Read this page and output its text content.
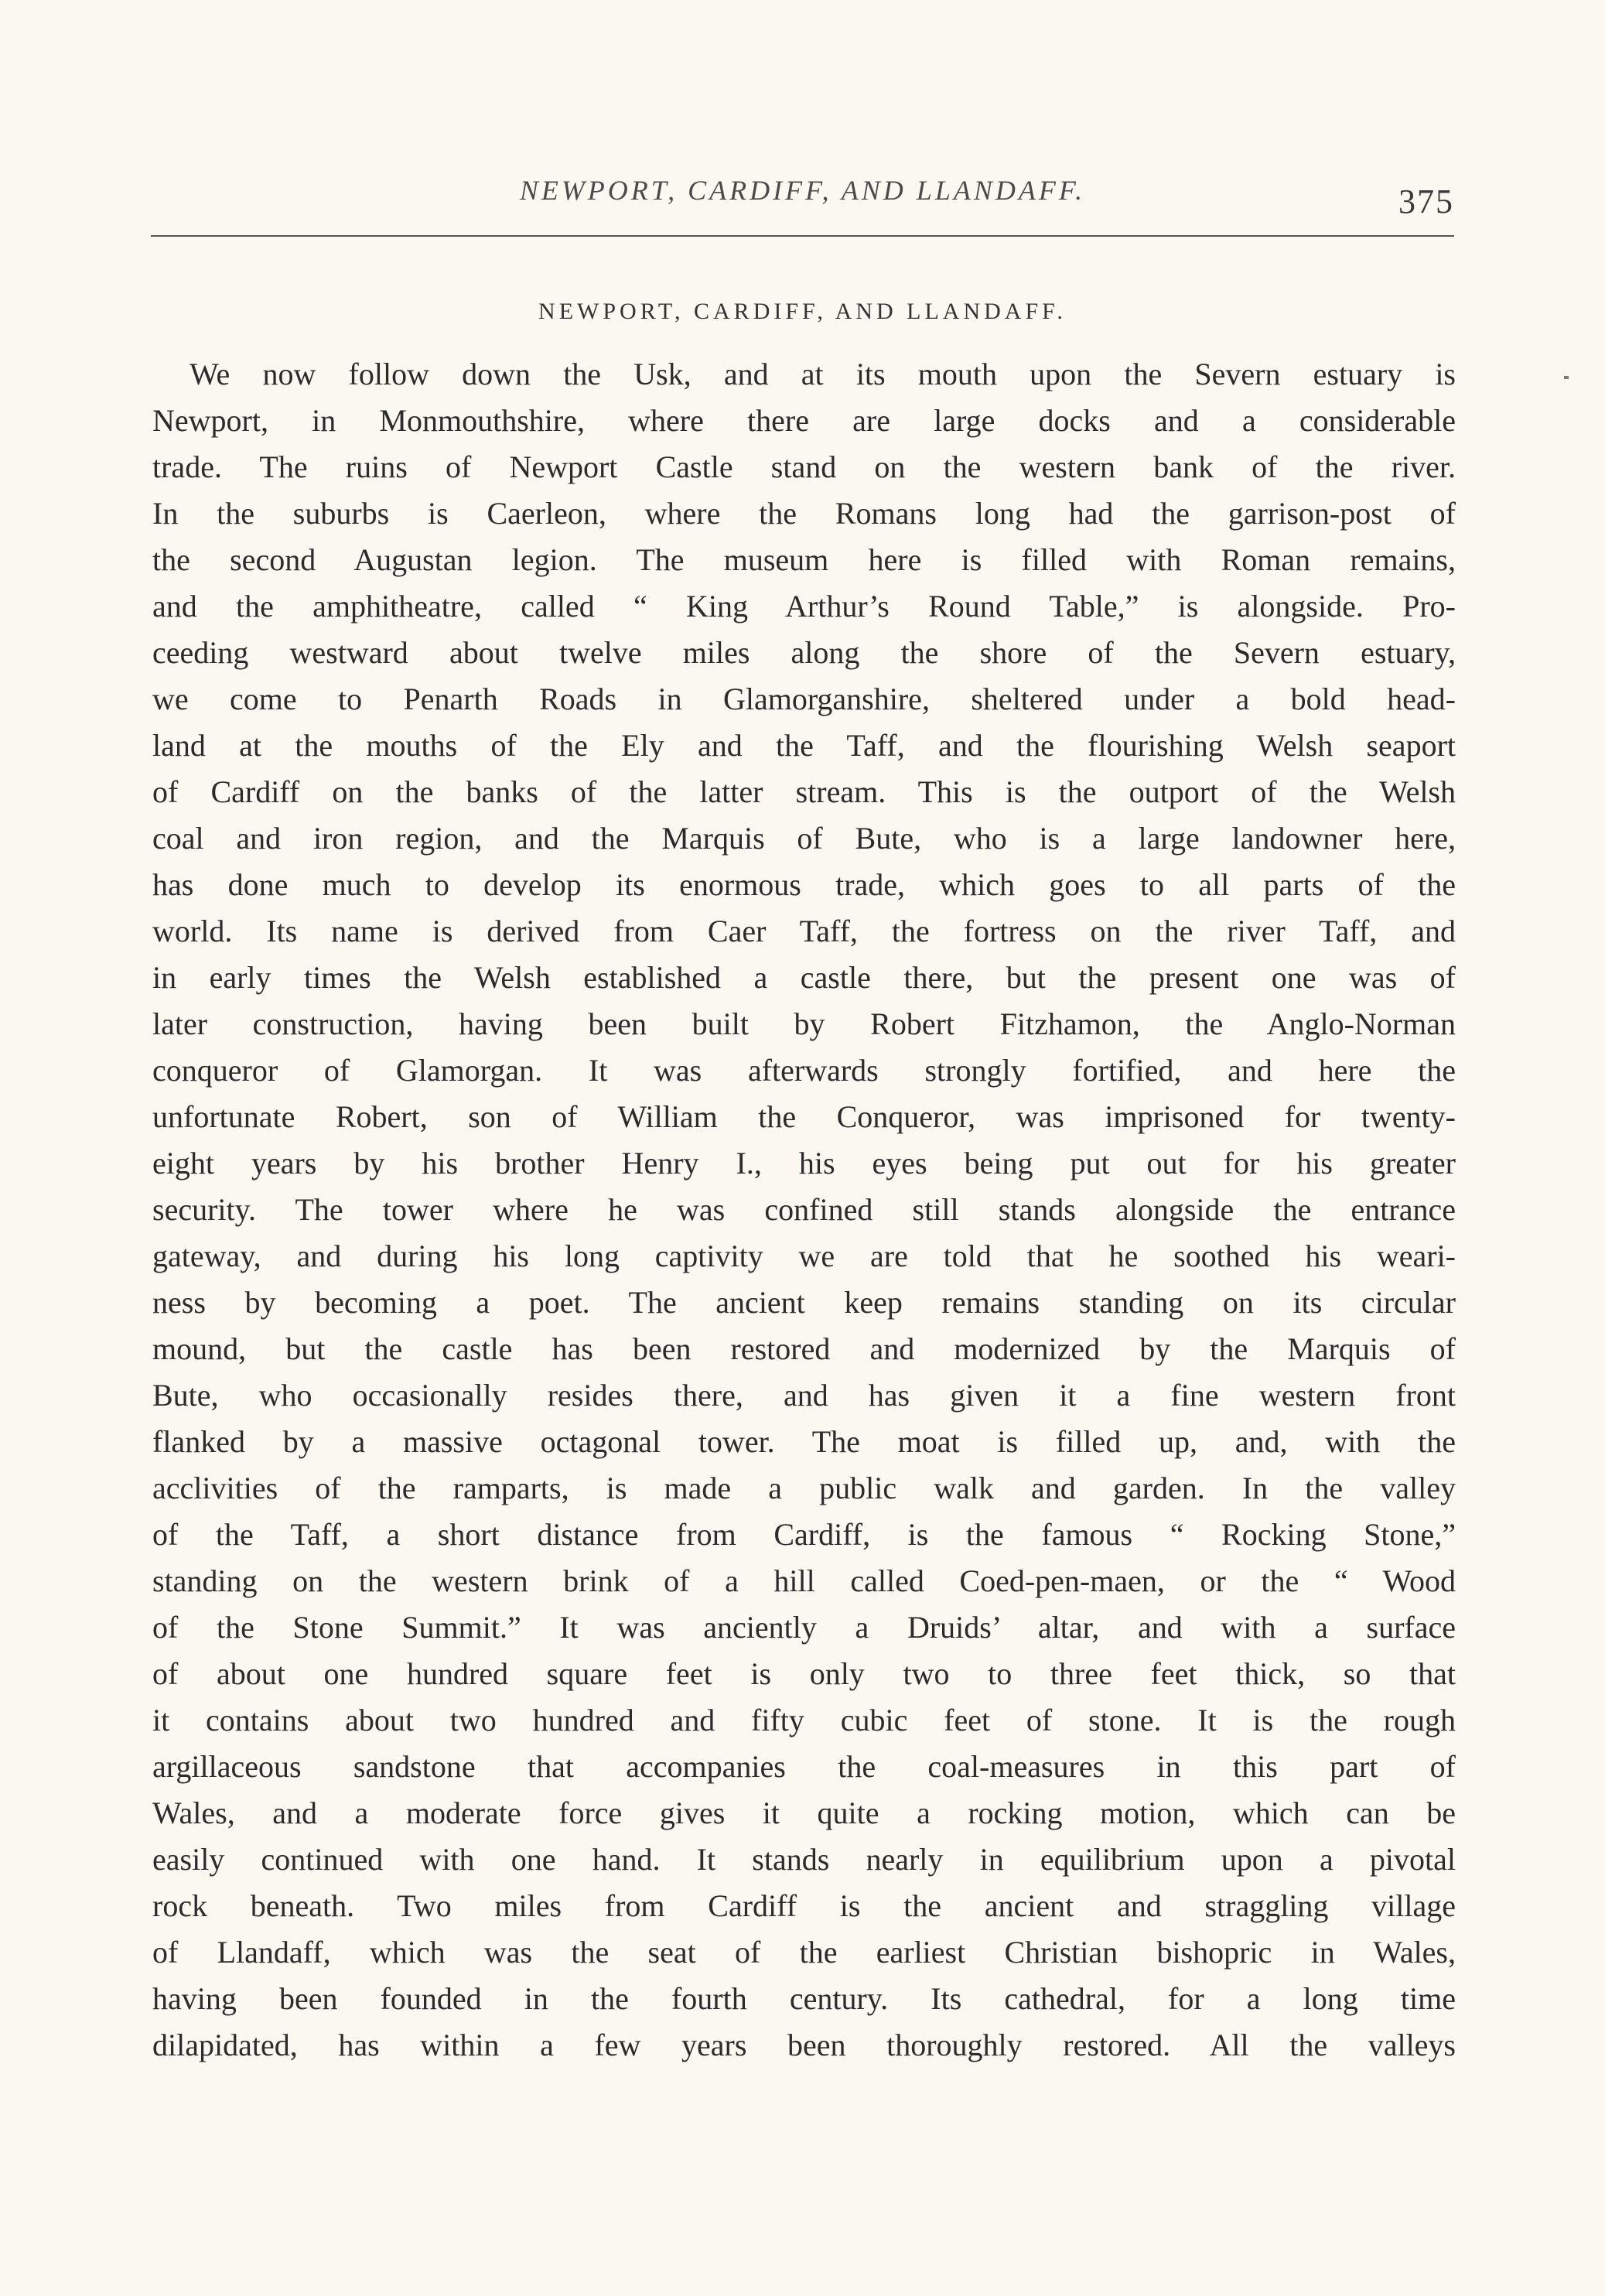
NEWPORT, CARDIFF, AND LLANDAFF.	375
NEWPORT, CARDIFF, AND LLANDAFF.
We now follow down the Usk, and at its mouth upon the Severn estuary is
Newport, in Monmouthshire, where there are large docks and a considerable
trade. The ruins of Newport Castle stand on the western bank of the river.
In the suburbs is Caerleon, where the Romans long had the garrison-post of
the second Augustan legion. The museum here is filled with Roman remains,
and the amphitheatre, called “ King Arthur’s Round Table,” is alongside. Pro-
ceeding westward about twelve miles along the shore of the Severn estuary,
we come to Penarth Roads in Glamorganshire, sheltered under a bold head-
land at the mouths of the Ely and the Taff, and the flourishing Welsh seaport
of Cardiff on the banks of the latter stream. This is the outport of the Welsh
coal and iron region, and the Marquis of Bute, who is a large landowner here,
has done much to develop its enormous trade, which goes to all parts of the
world. Its name is derived from Caer Taff, the fortress on the river Taff, and
in early times the Welsh established a castle there, but the present one was of
later construction, having been built by Robert Fitzhamon, the Anglo-Norman
conqueror of Glamorgan. It was afterwards strongly fortified, and here the
unfortunate Robert, son of William the Conqueror, was imprisoned for twenty-
eight years by his brother Henry I., his eyes being put out for his greater
security. The tower where he was confined still stands alongside the entrance
gateway, and during his long captivity we are told that he soothed his weari-
ness by becoming a poet. The ancient keep remains standing on its circular
mound, but the castle has been restored and modernized by the Marquis of
Bute, who occasionally resides there, and has given it a fine western front
flanked by a massive octagonal tower. The moat is filled up, and, with the
acclivities of the ramparts, is made a public walk and garden. In the valley
of the Taff, a short distance from Cardiff, is the famous “ Rocking Stone,”
standing on the western brink of a hill called Coed-pen-maen, or the “ Wood
of the Stone Summit.” It was anciently a Druids’ altar, and with a surface
of about one hundred square feet is only two to three feet thick, so that
it contains about two hundred and fifty cubic feet of stone. It is the rough
argillaceous sandstone that accompanies the coal-measures in this part of
Wales, and a moderate force gives it quite a rocking motion, which can be
easily continued with one hand. It stands nearly in equilibrium upon a pivotal
rock beneath. Two miles from Cardiff is the ancient and straggling village
of Llandaff, which was the seat of the earliest Christian bishopric in Wales,
having been founded in the fourth century. Its cathedral, for a long time
dilapidated, has within a few years been thoroughly restored. All the valleys
